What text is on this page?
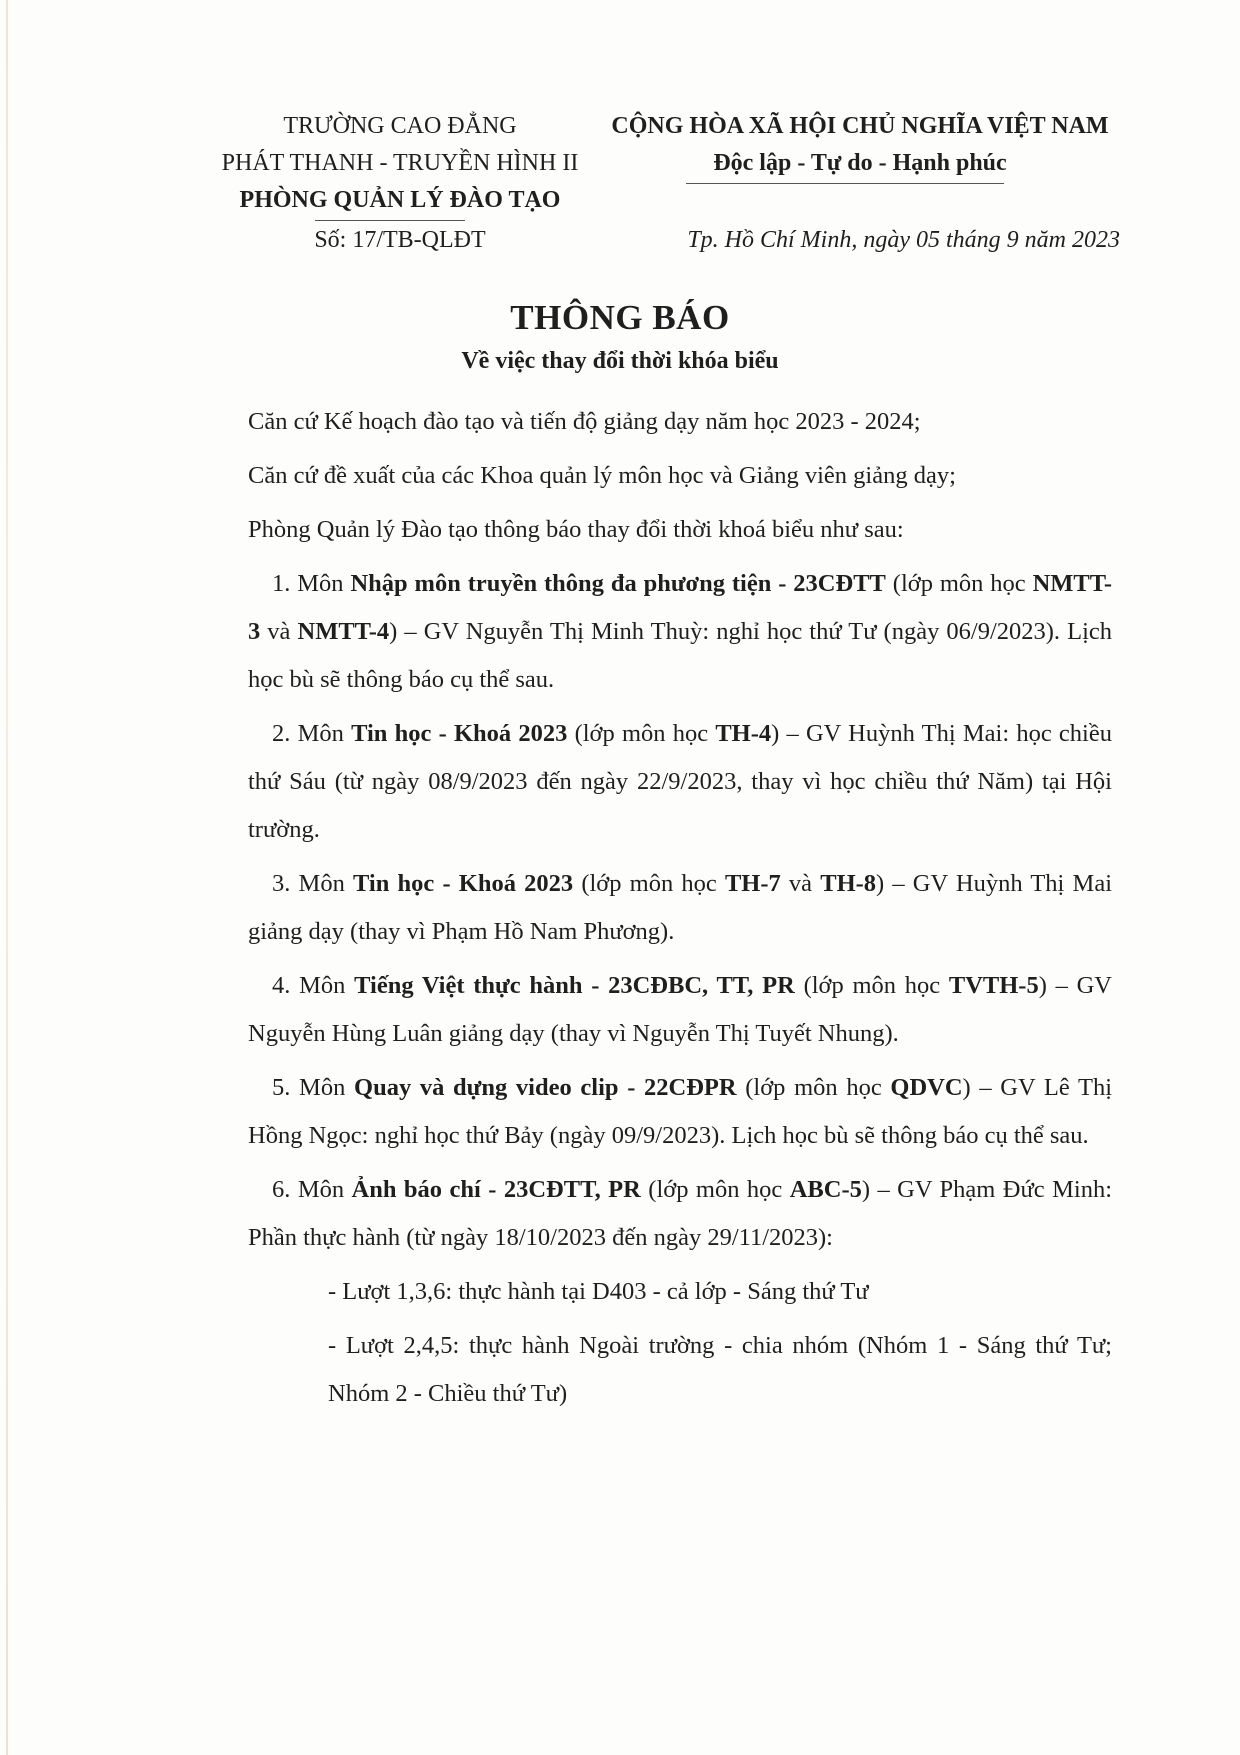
TRƯỜNG CAO ĐẲNG
PHÁT THANH - TRUYỀN HÌNH II
PHÒNG QUẢN LÝ ĐÀO TẠO
CỘNG HÒA XÃ HỘI CHỦ NGHĨA VIỆT NAM
Độc lập - Tự do - Hạnh phúc
Số: 17/TB-QLĐT	Tp. Hồ Chí Minh, ngày 05 tháng 9 năm 2023
THÔNG BÁO
Về việc thay đổi thời khóa biểu

Căn cứ Kế hoạch đào tạo và tiến độ giảng dạy năm học 2023 - 2024;

Căn cứ đề xuất của các Khoa quản lý môn học và Giảng viên giảng dạy;

Phòng Quản lý Đào tạo thông báo thay đổi thời khoá biểu như sau:

1. Môn Nhập môn truyền thông đa phương tiện - 23CĐTT (lớp môn học NMTT-3 và NMTT-4) – GV Nguyễn Thị Minh Thuỳ: nghỉ học thứ Tư (ngày 06/9/2023). Lịch học bù sẽ thông báo cụ thể sau.

2. Môn Tin học - Khoá 2023 (lớp môn học TH-4) – GV Huỳnh Thị Mai: học chiều thứ Sáu (từ ngày 08/9/2023 đến ngày 22/9/2023, thay vì học chiều thứ Năm) tại Hội trường.

3. Môn Tin học - Khoá 2023 (lớp môn học TH-7 và TH-8) – GV Huỳnh Thị Mai giảng dạy (thay vì Phạm Hồ Nam Phương).

4. Môn Tiếng Việt thực hành - 23CĐBC, TT, PR (lớp môn học TVTH-5) – GV Nguyễn Hùng Luân giảng dạy (thay vì Nguyễn Thị Tuyết Nhung).

5. Môn Quay và dựng video clip - 22CĐPR (lớp môn học QDVC) – GV Lê Thị Hồng Ngọc: nghỉ học thứ Bảy (ngày 09/9/2023). Lịch học bù sẽ thông báo cụ thể sau.

6. Môn Ảnh báo chí - 23CĐTT, PR (lớp môn học ABC-5) – GV Phạm Đức Minh: Phần thực hành (từ ngày 18/10/2023 đến ngày 29/11/2023):

- Lượt 1,3,6: thực hành tại D403 - cả lớp - Sáng thứ Tư

- Lượt 2,4,5: thực hành Ngoài trường - chia nhóm (Nhóm 1 - Sáng thứ Tư; Nhóm 2 - Chiều thứ Tư)
